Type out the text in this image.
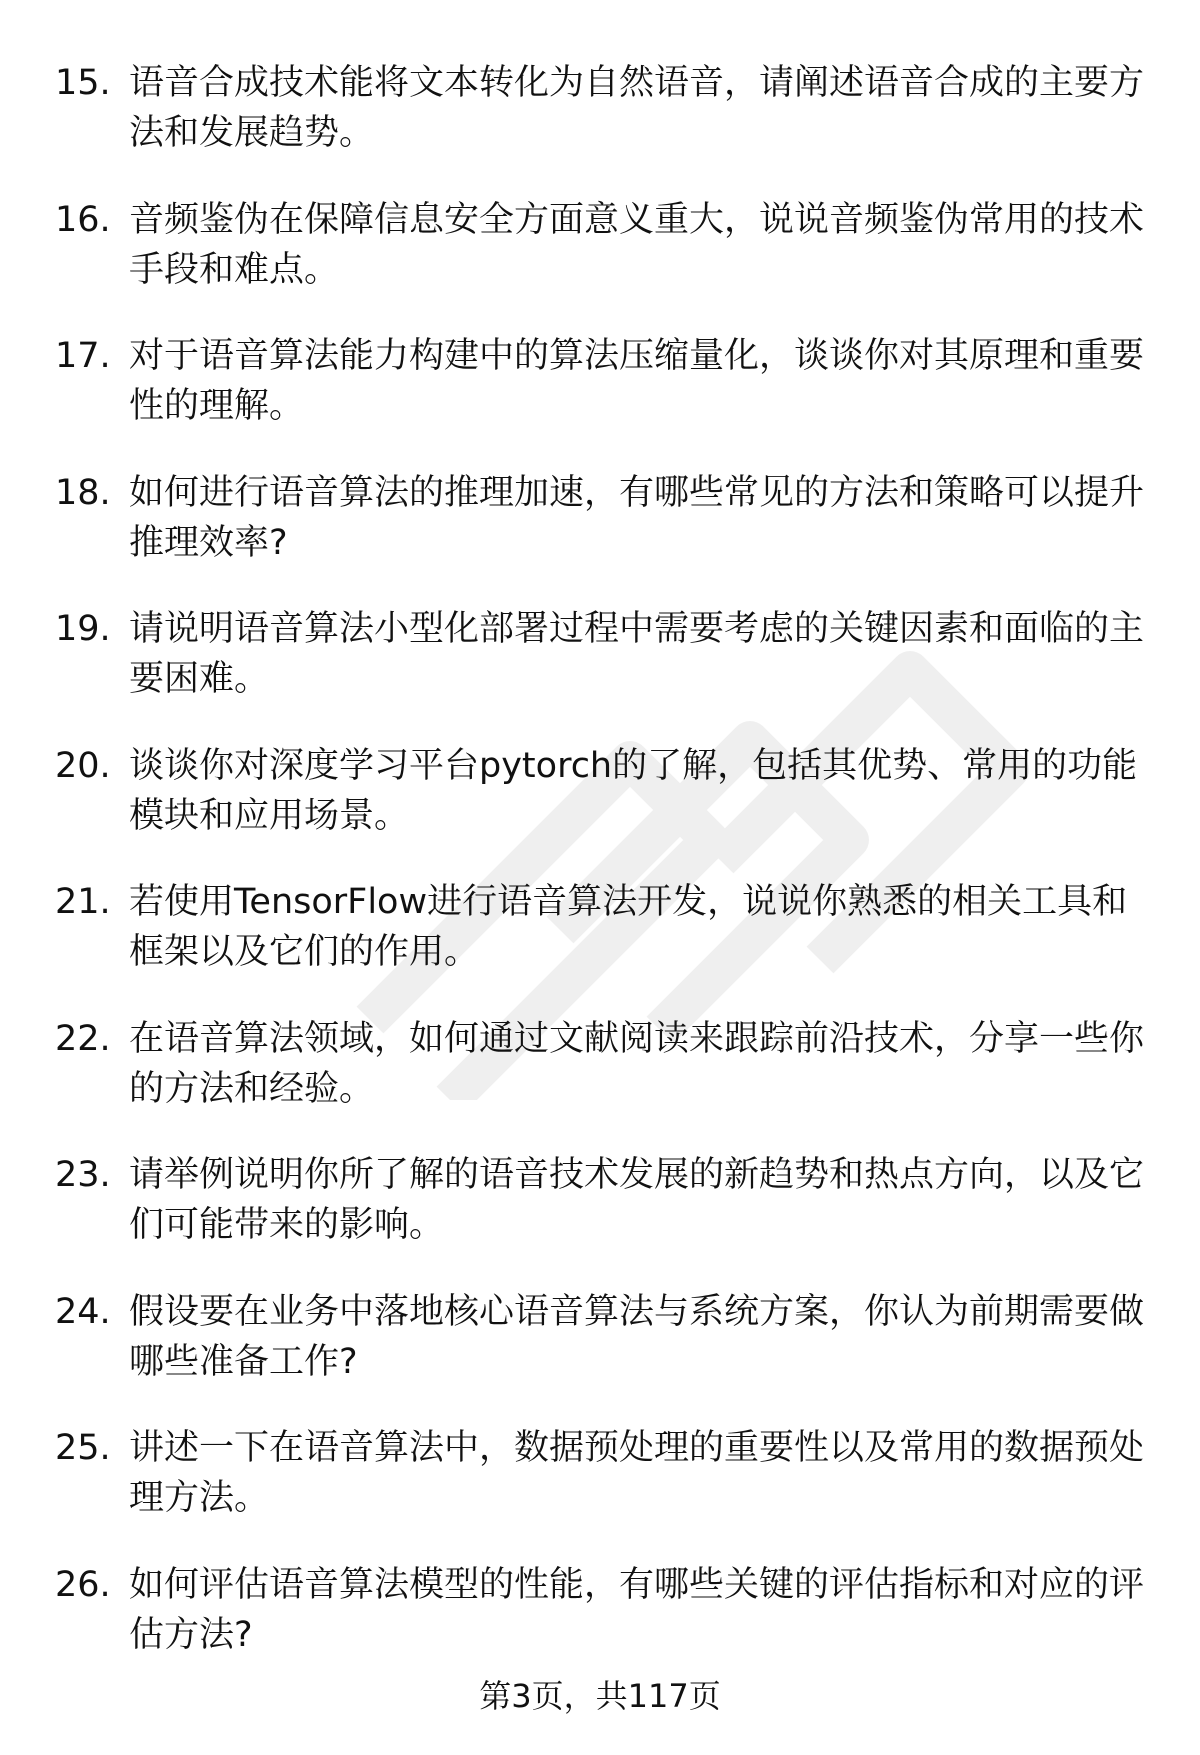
15. 语音合成技术能将文本转化为自然语音，请阐述语音合成的主要方法和发展趋势。
16. 音频鉴伪在保障信息安全方面意义重大，说说音频鉴伪常用的技术手段和难点。
17. 对于语音算法能力构建中的算法压缩量化，谈谈你对其原理和重要性的理解。
18. 如何进行语音算法的推理加速，有哪些常见的方法和策略可以提升推理效率?
19. 请说明语音算法小型化部署过程中需要考虑的关键因素和面临的主要困难。
20. 谈谈你对深度学习平台pytorch的了解，包括其优势、常用的功能模块和应用场景。
21. 若使用TensorFlow进行语音算法开发，说说你熟悉的相关工具和框架以及它们的作用。
22. 在语音算法领域，如何通过文献阅读来跟踪前沿技术，分享一些你的方法和经验。
23. 请举例说明你所了解的语音技术发展的新趋势和热点方向，以及它们可能带来的影响。
24. 假设要在业务中落地核心语音算法与系统方案，你认为前期需要做哪些准备工作?
25. 讲述一下在语音算法中，数据预处理的重要性以及常用的数据预处理方法。
26. 如何评估语音算法模型的性能，有哪些关键的评估指标和对应的评估方法?
第3页，共117页
